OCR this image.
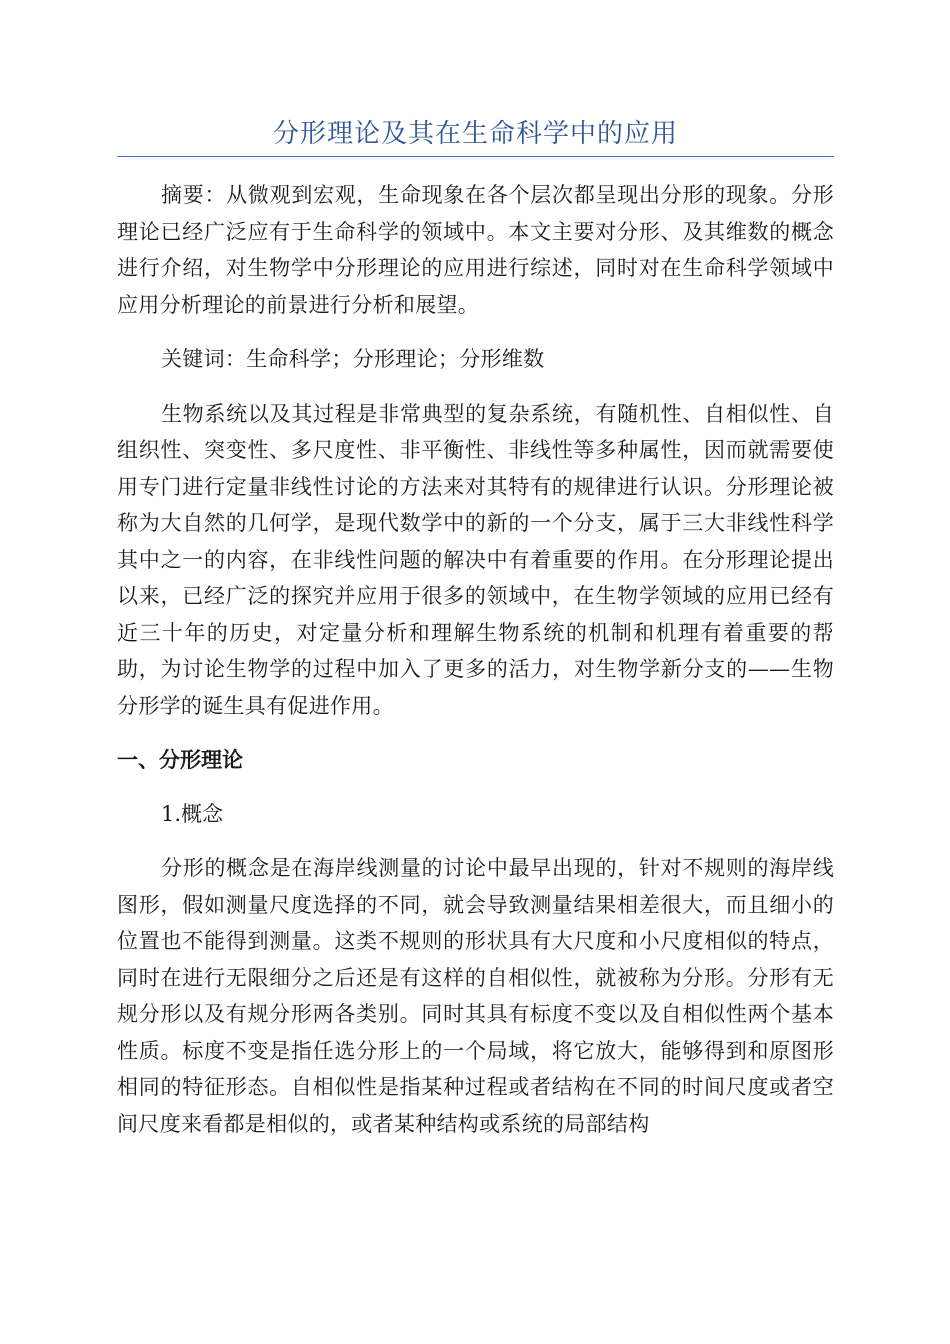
分形理论及其在生命科学中的应用

摘要：从微观到宏观，生命现象在各个层次都呈现出分形的现象。分形理论已经广泛应有于生命科学的领域中。本文主要对分形、及其维数的概念进行介绍，对生物学中分形理论的应用进行综述，同时对在生命科学领域中应用分析理论的前景进行分析和展望。

关键词：生命科学；分形理论；分形维数

生物系统以及其过程是非常典型的复杂系统，有随机性、自相似性、自组织性、突变性、多尺度性、非平衡性、非线性等多种属性，因而就需要使用专门进行定量非线性讨论的方法来对其特有的规律进行认识。分形理论被称为大自然的几何学，是现代数学中的新的一个分支，属于三大非线性科学其中之一的内容，在非线性问题的解决中有着重要的作用。在分形理论提出以来，已经广泛的探究并应用于很多的领域中，在生物学领域的应用已经有近三十年的历史，对定量分析和理解生物系统的机制和机理有着重要的帮助，为讨论生物学的过程中加入了更多的活力，对生物学新分支的——生物分形学的诞生具有促进作用。

一、分形理论
1.概念

分形的概念是在海岸线测量的讨论中最早出现的，针对不规则的海岸线图形，假如测量尺度选择的不同，就会导致测量结果相差很大，而且细小的位置也不能得到测量。这类不规则的形状具有大尺度和小尺度相似的特点，同时在进行无限细分之后还是有这样的自相似性，就被称为分形。分形有无规分形以及有规分形两各类别。同时其具有标度不变以及自相似性两个基本性质。标度不变是指任选分形上的一个局域，将它放大，能够得到和原图形相同的特征形态。自相似性是指某种过程或者结构在不同的时间尺度或者空间尺度来看都是相似的，或者某种结构或系统的局部结构
